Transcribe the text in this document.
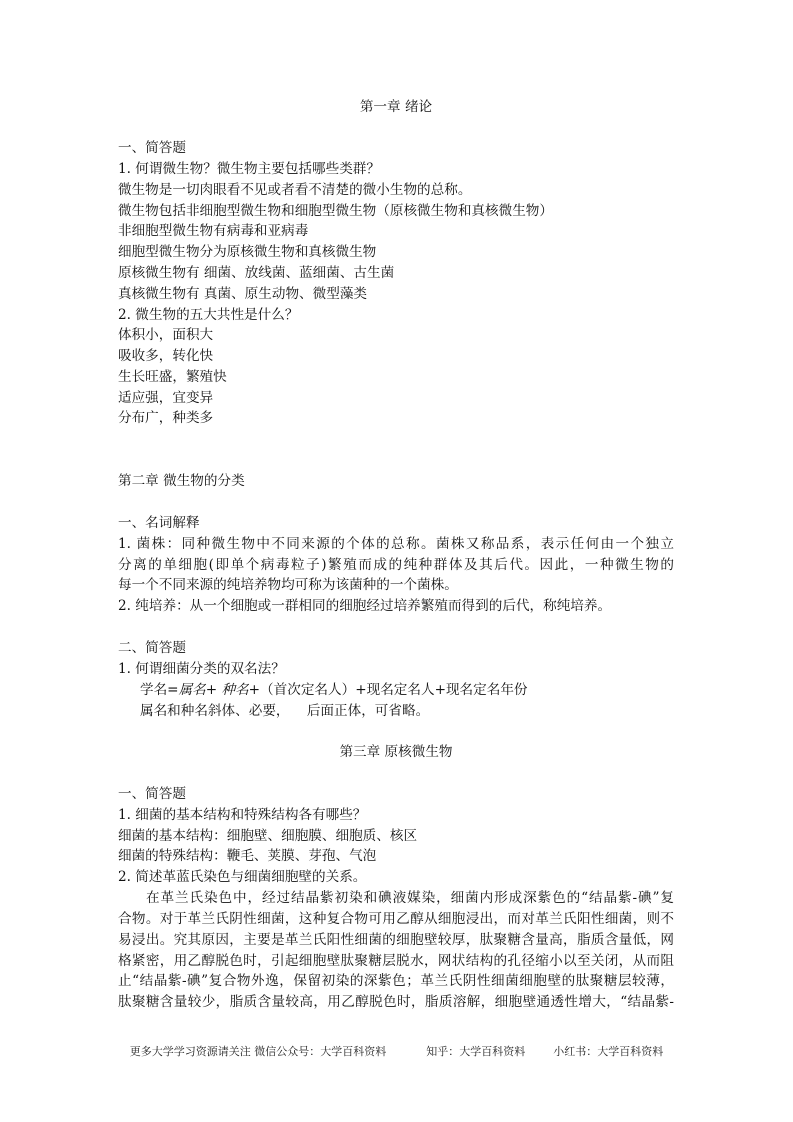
第一章 绪论
一、简答题
1. 何谓微生物？微生物主要包括哪些类群？
微生物是一切肉眼看不见或者看不清楚的微小生物的总称。
微生物包括非细胞型微生物和细胞型微生物（原核微生物和真核微生物）
非细胞型微生物有病毒和亚病毒
细胞型微生物分为原核微生物和真核微生物
原核微生物有 细菌、放线菌、蓝细菌、古生菌
真核微生物有 真菌、原生动物、微型藻类
2. 微生物的五大共性是什么？
体积小，面积大
吸收多，转化快
生长旺盛，繁殖快
适应强，宜变异
分布广，种类多
第二章 微生物的分类
一、名词解释
1. 菌株：同种微生物中不同来源的个体的总称。菌株又称品系，表示任何由一个独立
分离的单细胞(即单个病毒粒子)繁殖而成的纯种群体及其后代。因此，一种微生物的
每一个不同来源的纯培养物均可称为该菌种的一个菌株。
2. 纯培养：从一个细胞或一群相同的细胞经过培养繁殖而得到的后代，称纯培养。
二、简答题
1. 何谓细菌分类的双名法？
学名=属名+ 种名+（首次定名人）+现名定名人+现名定名年份
属名和种名斜体、必要，    后面正体，可省略。
第三章 原核微生物
一、简答题
1. 细菌的基本结构和特殊结构各有哪些？
细菌的基本结构：细胞壁、细胞膜、细胞质、核区
细菌的特殊结构：鞭毛、荚膜、芽孢、气泡
2. 简述革蓝氏染色与细菌细胞壁的关系。
在革兰氏染色中，经过结晶紫初染和碘液媒染，细菌内形成深紫色的“结晶紫-碘”复
合物。对于革兰氏阴性细菌，这种复合物可用乙醇从细胞浸出，而对革兰氏阳性细菌，则不
易浸出。究其原因，主要是革兰氏阳性细菌的细胞壁较厚，肽聚糖含量高，脂质含量低，网
格紧密，用乙醇脱色时，引起细胞壁肽聚糖层脱水，网状结构的孔径缩小以至关闭，从而阻
止“结晶紫-碘”复合物外逸，保留初染的深紫色；革兰氏阴性细菌细胞壁的肽聚糖层较薄，
肽聚糖含量较少，脂质含量较高，用乙醇脱色时，脂质溶解，细胞壁通透性增大，“结晶紫-
更多大学学习资源请关注 微信公众号：大学百科资料	知乎：大学百科资料	小红书：大学百科资料
